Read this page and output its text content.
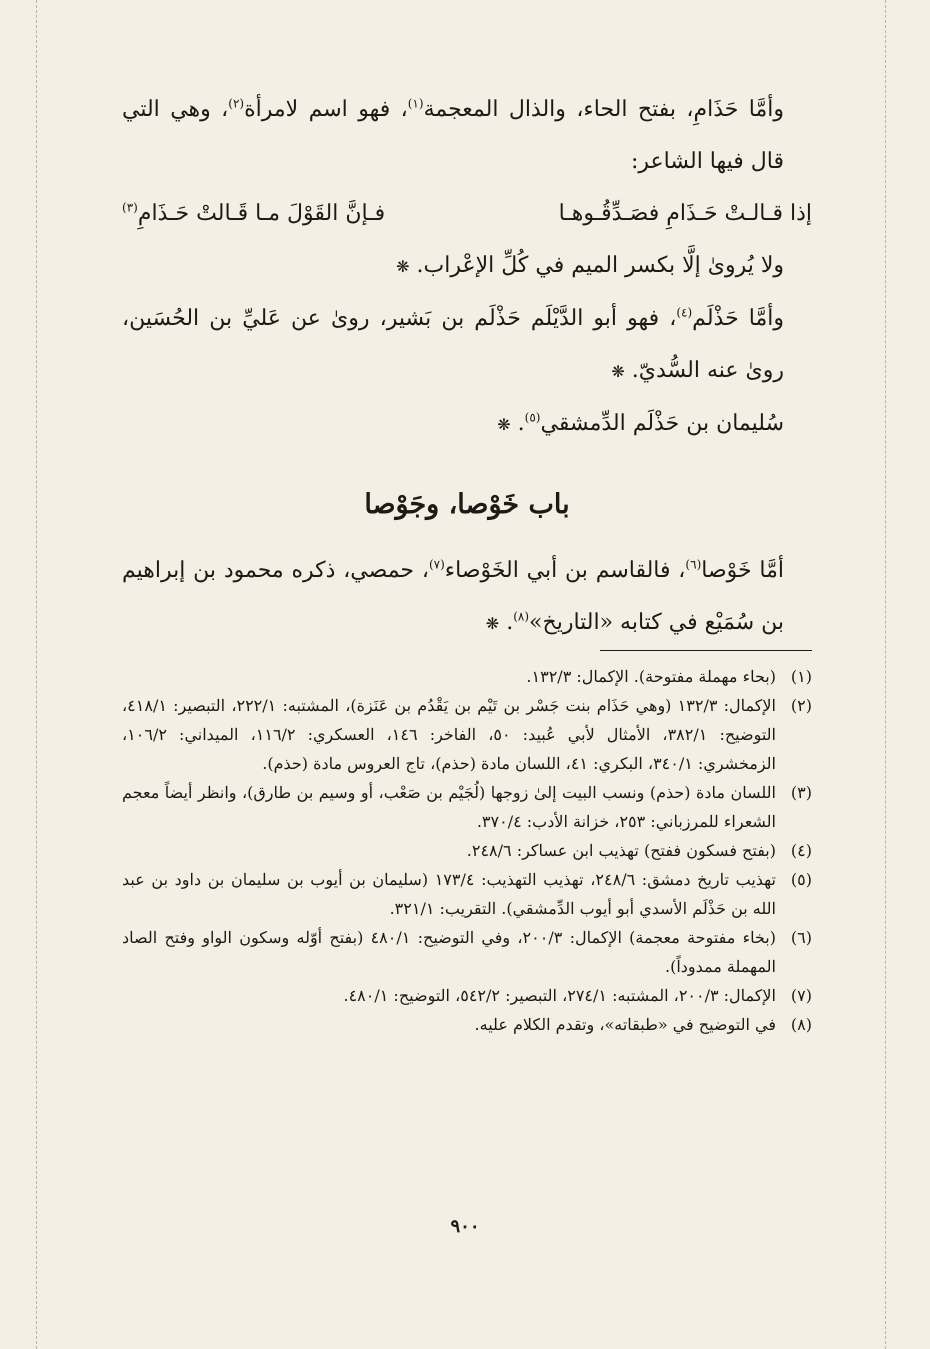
وأمَّا حَذَامِ، بفتح الحاء، والذال المعجمة$^{(١)}$، فهو اسم لامرأة$^{(٢)}$، وهي التي قال فيها الشاعر:

إذا قـالـتْ حَـذَامِ فصَـدِّقُـوهـا
فـإنَّ القَوْلَ مـا قَـالتْ حَـذَامِ$^{(٣)}$

ولا يُروىٰ إلَّا بكسر الميم في كُلِّ الإعْراب. ❋

وأمَّا حَذْلَم$^{(٤)}$، فهو أبو الدَّيْلَم حَذْلَم بن بَشير، روىٰ عن عَليِّ بن الحُسَين، روىٰ عنه السُّديّ. ❋

سُليمان بن حَذْلَم الدِّمشقي$^{(٥)}$. ❋

باب خَوْصا، وجَوْصا

أمَّا خَوْصا$^{(٦)}$، فالقاسم بن أبي الخَوْصاء$^{(٧)}$، حمصي، ذكره محمود بن إبراهيم بن سُمَيْع في كتابه «التاريخ»$^{(٨)}$. ❋

(١)
(بحاء مهملة مفتوحة). الإكمال: ١٣٢/٣.

(٢)
الإكمال: ١٣٢/٣ (وهي حَذَام بنت جَسْر بن تَيْم بن يَقْدُم بن عَنَزة)، المشتبه: ٢٢٢/١، التبصير: ٤١٨/١، التوضيح: ٣٨٢/١، الأمثال لأبي عُبيد: ٥٠، الفاخر: ١٤٦، العسكري: ١١٦/٢، الميداني: ١٠٦/٢، الزمخشري: ٣٤٠/١، البكري: ٤١، اللسان مادة (حذم)، تاج العروس مادة (حذم).

(٣)
اللسان مادة (حذم) ونسب البيت إلىٰ زوجها (لُجَيْم بن صَعْب، أو وسيم بن طارق)، وانظر أيضاً معجم الشعراء للمرزباني: ٢٥٣، خزانة الأدب: ٣٧٠/٤.

(٤)
(بفتح فسكون ففتح) تهذيب ابن عساكر: ٢٤٨/٦.

(٥)
تهذيب تاريخ دمشق: ٢٤٨/٦، تهذيب التهذيب: ١٧٣/٤ (سليمان بن أيوب بن سليمان بن داود بن عبد الله بن حَذْلَم الأسدي أبو أيوب الدِّمشقي). التقريب: ٣٢١/١.

(٦)
(بخاء مفتوحة معجمة) الإكمال: ٢٠٠/٣، وفي التوضيح: ٤٨٠/١ (بفتح أوّله وسكون الواو وفتح الصاد المهملة ممدوداً).

(٧)
الإكمال: ٢٠٠/٣، المشتبه: ٢٧٤/١، التبصير: ٥٤٢/٢، التوضيح: ٤٨٠/١.

(٨)
في التوضيح في «طبقاته»، وتقدم الكلام عليه.

٩٠٠
